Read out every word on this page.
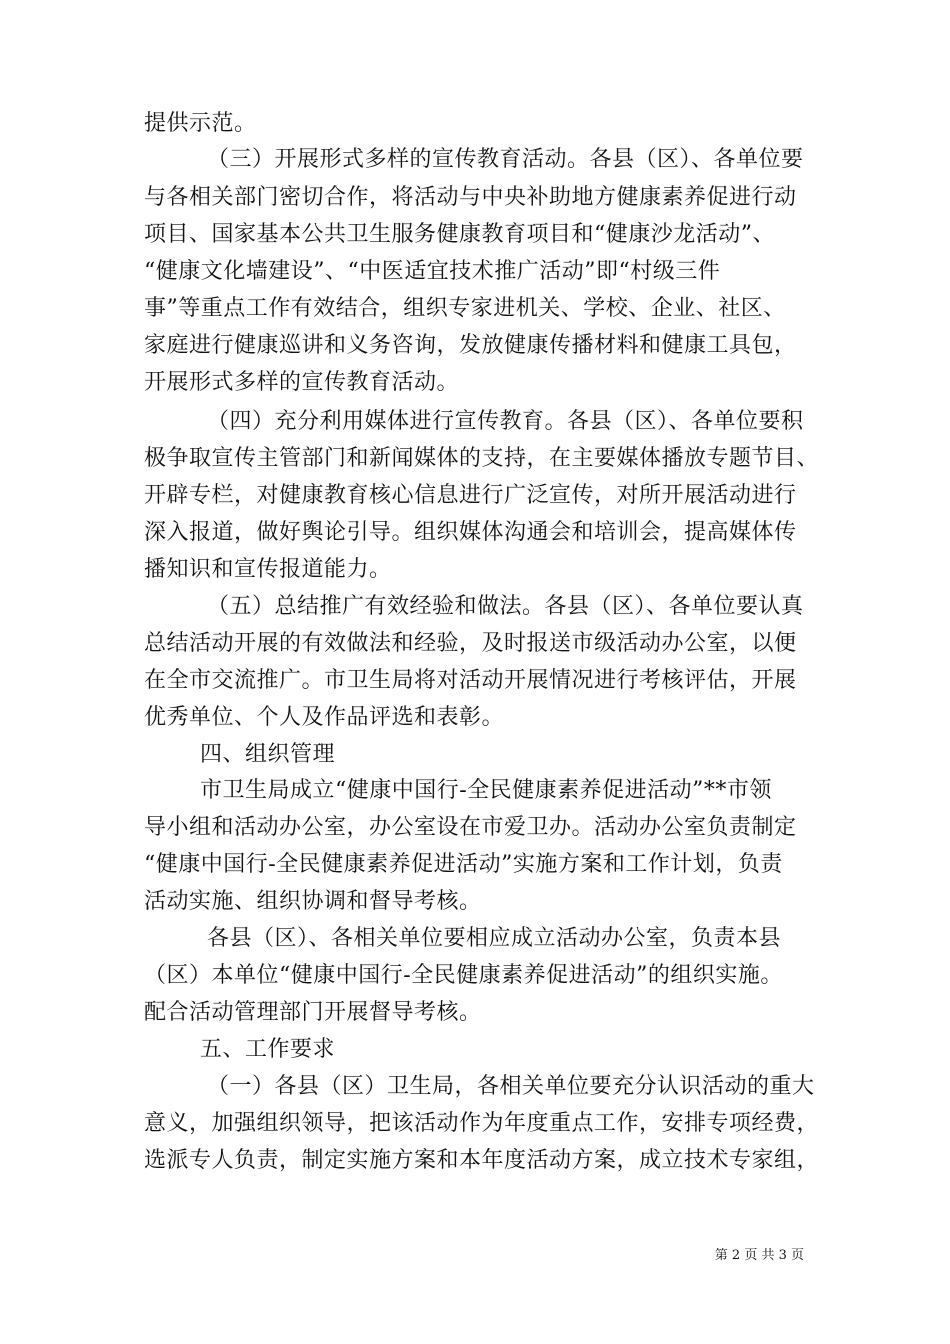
提供示范。
（三）开展形式多样的宣传教育活动。各县（区）、各单位要
与各相关部门密切合作，将活动与中央补助地方健康素养促进行动
项目、国家基本公共卫生服务健康教育项目和“健康沙龙活动”、
“健康文化墙建设”、“中医适宜技术推广活动”即“村级三件
事”等重点工作有效结合，组织专家进机关、学校、企业、社区、
家庭进行健康巡讲和义务咨询，发放健康传播材料和健康工具包，
开展形式多样的宣传教育活动。
（四）充分利用媒体进行宣传教育。各县（区）、各单位要积
极争取宣传主管部门和新闻媒体的支持，在主要媒体播放专题节目、
开辟专栏，对健康教育核心信息进行广泛宣传，对所开展活动进行
深入报道，做好舆论引导。组织媒体沟通会和培训会，提高媒体传
播知识和宣传报道能力。
（五）总结推广有效经验和做法。各县（区）、各单位要认真
总结活动开展的有效做法和经验，及时报送市级活动办公室，以便
在全市交流推广。市卫生局将对活动开展情况进行考核评估，开展
优秀单位、个人及作品评选和表彰。
四、组织管理
市卫生局成立“健康中国行-全民健康素养促进活动”**市领
导小组和活动办公室，办公室设在市爱卫办。活动办公室负责制定
“健康中国行-全民健康素养促进活动”实施方案和工作计划，负责
活动实施、组织协调和督导考核。
各县（区）、各相关单位要相应成立活动办公室，负责本县
（区）本单位“健康中国行-全民健康素养促进活动”的组织实施。
配合活动管理部门开展督导考核。
五、工作要求
（一）各县（区）卫生局，各相关单位要充分认识活动的重大
意义，加强组织领导，把该活动作为年度重点工作，安排专项经费，
选派专人负责，制定实施方案和本年度活动方案，成立技术专家组，
第 2 页 共 3 页
